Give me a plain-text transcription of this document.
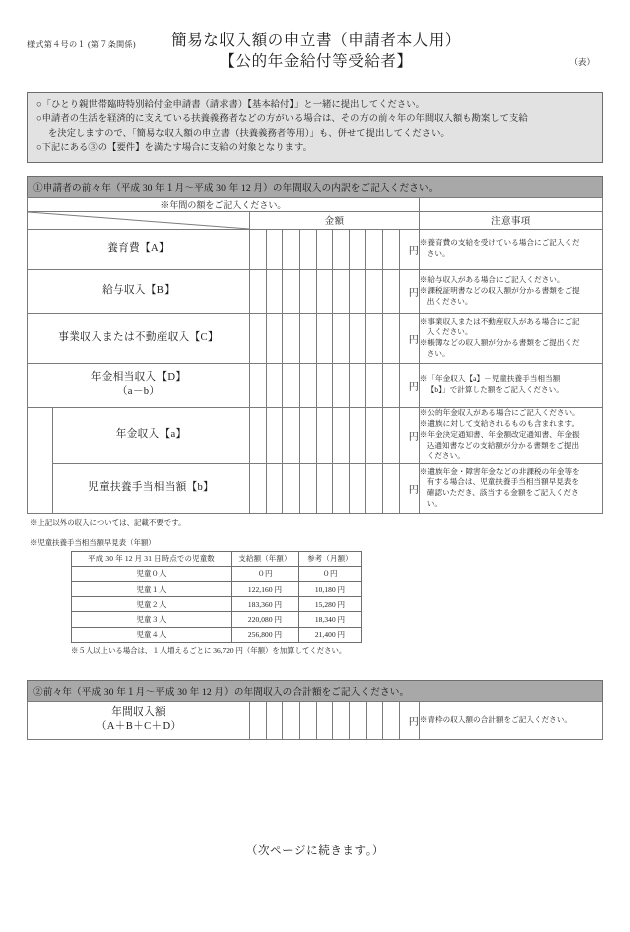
様式第４号の１ (第７条関係)	簡易な収入額の申立書（申請者本人用）
【公的年金給付等受給者】	（表）

○「ひとり親世帯臨時特別給付金申請書（請求書）【基本給付】」と一緒に提出してください。

○申請者の生活を経済的に支えている扶養義務者などの方がいる場合は、その方の前々年の年間収入額も勘案して支給

を決定しますので、「簡易な収入額の申立書（扶養義務者等用）」も、併せて提出してください。

○下記にある③の【要件】を満たす場合に支給の対象となります。

①申請者の前々年（平成 30 年１月～平成 30 年 12 月）の年間収入の内訳をご記入ください。
※年間の額をご記入ください。												

	金額										注意事項

養育費【A】											円	※養育費の支給を受けている場合にご記入くだ
さい。

給与収入【B】											円	※給与収入がある場合にご記入ください。
※課税証明書などの収入額が分かる書類をご提
出ください。

事業収入または不動産収入【C】											円	※事業収入または不動産収入がある場合にご記
入ください。
※帳簿などの収入額が分かる書類をご提出くだ
さい。

年金相当収入【D】
（a－b）										円	
※「年金収入【a】－児童扶養手当相当額
【b】」で計算した額をご記入ください。

	年金収入【a】										円	※公的年金収入がある場合にご記入ください。
※遺族に対して支給されるものも含まれます。
※年金決定通知書、年金額改定通知書、年金振
込通知書などの支給額が分かる書類をご提出
ください。

	児童扶養手当相当額【b】										円	※遺族年金・障害年金などの非課税の年金等を
有する場合は、児童扶養手当相当額早見表を
確認いただき、該当する金額をご記入くださ
い。
※上記以外の収入については、記載不要です。
※児童扶養手当相当額早見表（年額）
平成 30 年 12 月 31 日時点での児童数	支給額（年額）	参考（月額）
児童０人	０円	０円
児童１人	122,160 円	10,180 円
児童２人	183,360 円	15,280 円
児童３人	220,080 円	18,340 円
児童４人	256,800 円	21,400 円
※５人以上いる場合は、１人増えるごとに 36,720 円（年額）を加算してください。
②前々年（平成 30 年１月～平成 30 年 12 月）の年間収入の合計額をご記入ください。
年間収入額
（A＋B＋C＋D）										円	※青枠の収入額の合計額をご記入ください。
（次ページに続きます。）
